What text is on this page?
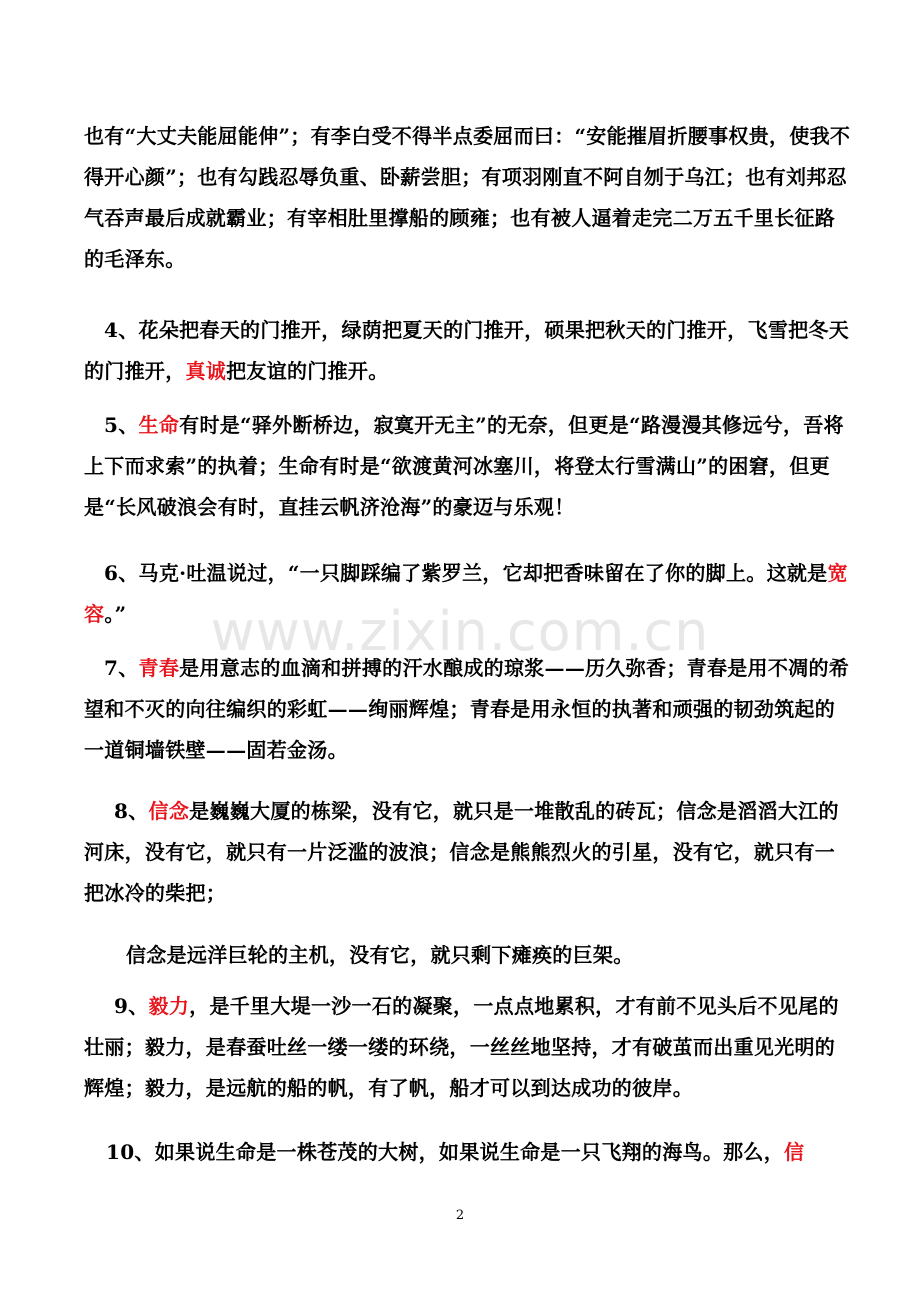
也有“大丈夫能屈能伸”；有李白受不得半点委屈而曰：“安能摧眉折腰事权贵，使我不得开心颜”；也有勾践忍辱负重、卧薪尝胆；有项羽刚直不阿自刎于乌江；也有刘邦忍气吞声最后成就霸业；有宰相肚里撑船的顾雍；也有被人逼着走完二万五千里长征路的毛泽东。
4、花朵把春天的门推开，绿荫把夏天的门推开，硕果把秋天的门推开，飞雪把冬天的门推开，真诚把友谊的门推开。
5、生命有时是“驿外断桥边，寂寞开无主”的无奈，但更是“路漫漫其修远兮，吾将上下而求索”的执着；生命有时是“欲渡黄河冰塞川，将登太行雪满山”的困窘，但更是“长风破浪会有时，直挂云帆济沧海”的豪迈与乐观！
6、马克·吐温说过，“一只脚踩编了紫罗兰，它却把香味留在了你的脚上。这就是宽容。”
7、青春是用意志的血滴和拼搏的汗水酿成的琼浆——历久弥香；青春是用不凋的希望和不灭的向往编织的彩虹——绚丽辉煌；青春是用永恒的执著和顽强的韧劲筑起的一道铜墙铁壁——固若金汤。
8、信念是巍巍大厦的栋梁，没有它，就只是一堆散乱的砖瓦；信念是滔滔大江的河床，没有它，就只有一片泛滥的波浪；信念是熊熊烈火的引星，没有它，就只有一把冰冷的柴把；
信念是远洋巨轮的主机，没有它，就只剩下瘫痪的巨架。
9、毅力，是千里大堤一沙一石的凝聚，一点点地累积，才有前不见头后不见尾的壮丽；毅力，是春蚕吐丝一缕一缕的环绕，一丝丝地坚持，才有破茧而出重见光明的辉煌；毅力，是远航的船的帆，有了帆，船才可以到达成功的彼岸。
10、如果说生命是一株苍茂的大树，如果说生命是一只飞翔的海鸟。那么，信
www.zixin.com.cn
2
